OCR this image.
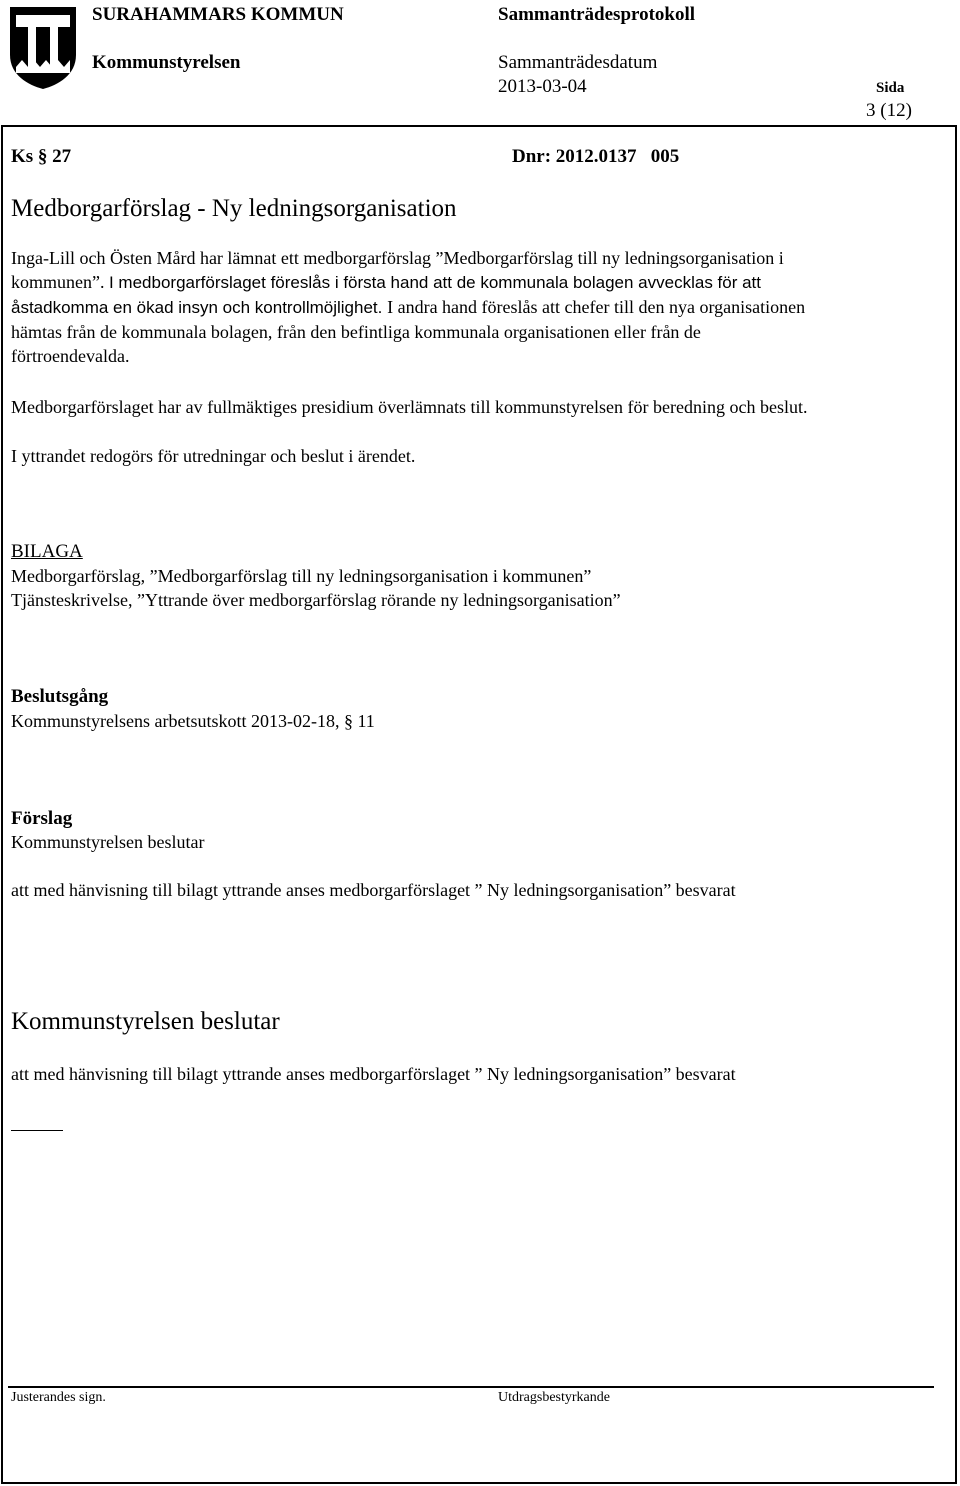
SURAHAMMARS KOMMUN
Kommunstyrelsen
Sammanträdesprotokoll
Sammanträdesdatum
2013-03-04	Sida
3 (12)
Ks § 27	Dnr: 2012.0137   005
Medborgarförslag - Ny ledningsorganisation
Inga-Lill och Östen Mård har lämnat ett medborgarförslag ”Medborgarförslag till ny ledningsorganisation i
kommunen”. I medborgarförslaget föreslås i första hand att de kommunala bolagen avvecklas för att
åstadkomma en ökad insyn och kontrollmöjlighet. I andra hand föreslås att chefer till den nya organisationen
hämtas från de kommunala bolagen, från den befintliga kommunala organisationen eller från de
förtroendevalda.
Medborgarförslaget har av fullmäktiges presidium överlämnats till kommunstyrelsen för beredning och beslut.
I yttrandet redogörs för utredningar och beslut i ärendet.
BILAGA
Medborgarförslag, ”Medborgarförslag till ny ledningsorganisation i kommunen”
Tjänsteskrivelse, ”Yttrande över medborgarförslag rörande ny ledningsorganisation”
Beslutsgång
Kommunstyrelsens arbetsutskott 2013-02-18, § 11
Förslag
Kommunstyrelsen beslutar
att med hänvisning till bilagt yttrande anses medborgarförslaget ” Ny ledningsorganisation” besvarat
Kommunstyrelsen beslutar
att med hänvisning till bilagt yttrande anses medborgarförslaget ” Ny ledningsorganisation” besvarat
Justerandes sign.	Utdragsbestyrkande
